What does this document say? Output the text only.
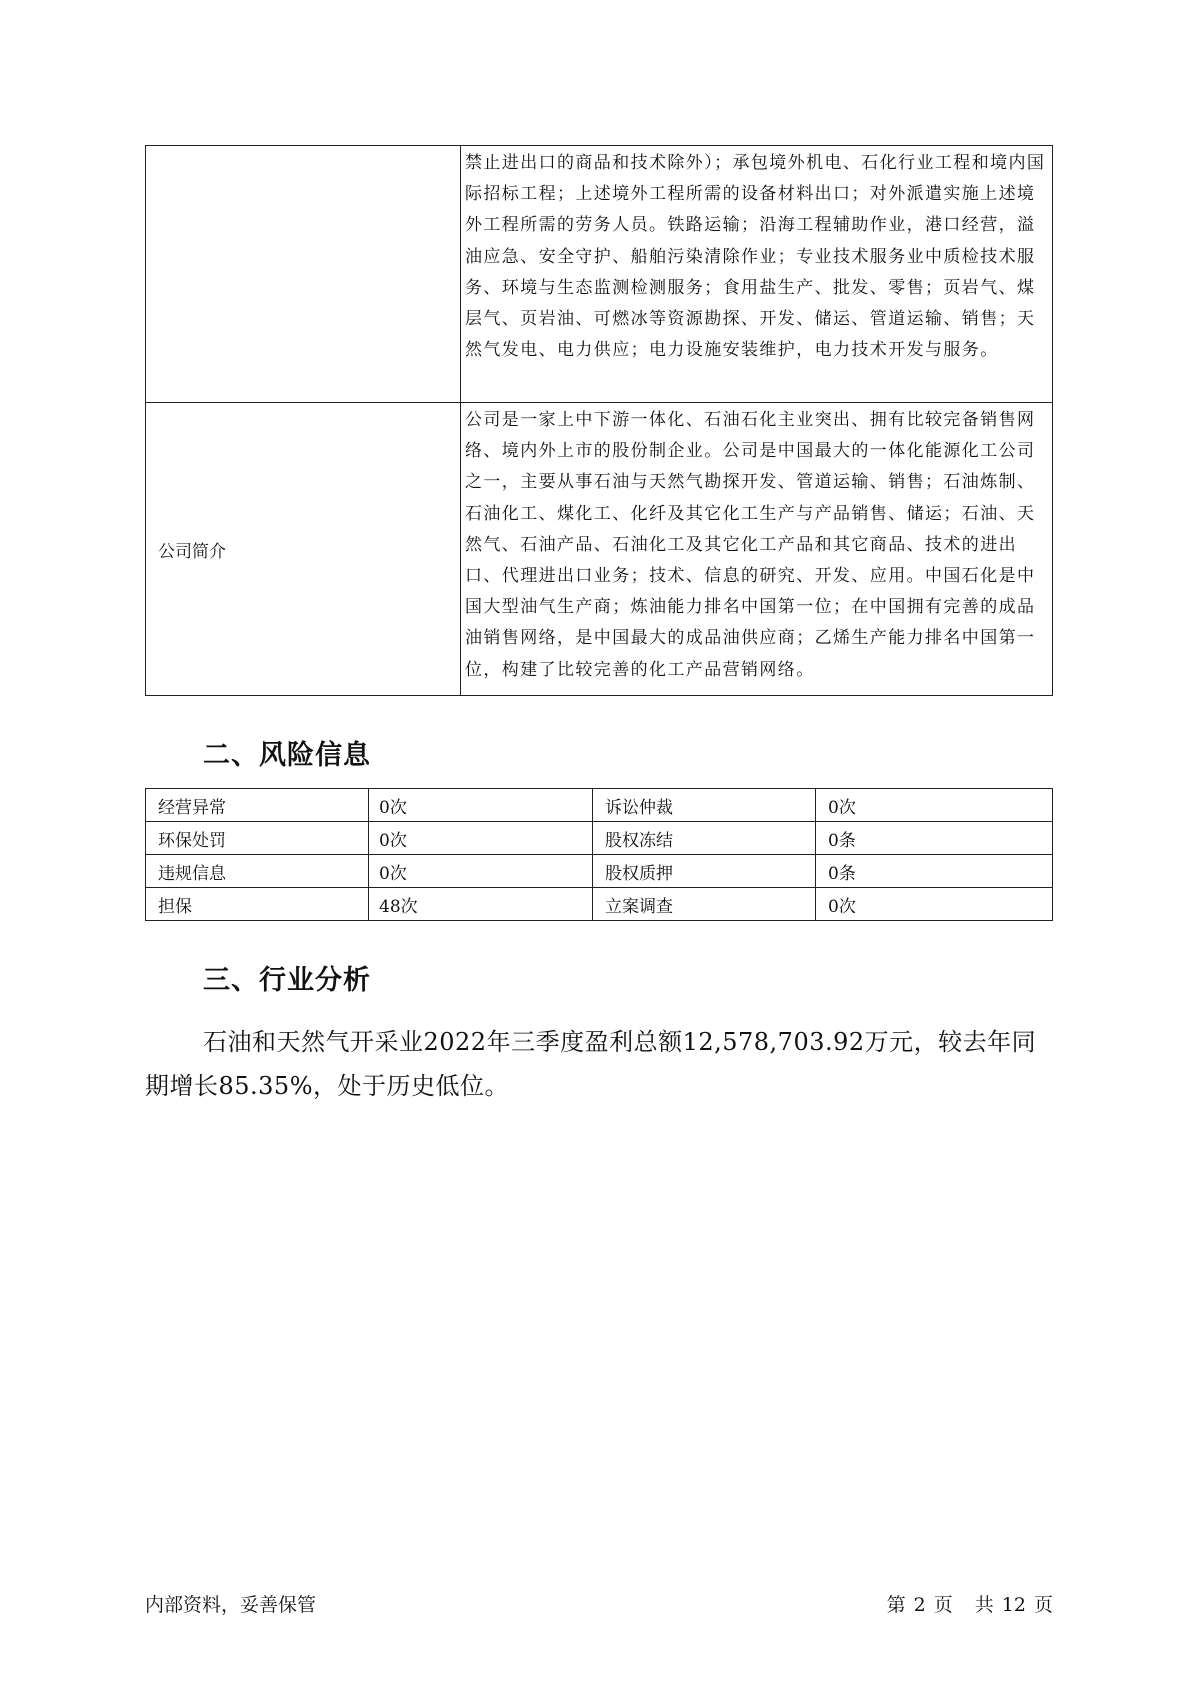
	禁止进出口的商品和技术除外）；承包境外机电、石化行业工程和境内国际招标工程；上述境外工程所需的设备材料出口；对外派遣实施上述境外工程所需的劳务人员。铁路运输；沿海工程辅助作业，港口经营，溢油应急、安全守护、船舶污染清除作业；专业技术服务业中质检技术服务、环境与生态监测检测服务；食用盐生产、批发、零售；页岩气、煤层气、页岩油、可燃冰等资源勘探、开发、储运、管道运输、销售；天然气发电、电力供应；电力设施安装维护，电力技术开发与服务。
公司简介	公司是一家上中下游一体化、石油石化主业突出、拥有比较完备销售网络、境内外上市的股份制企业。公司是中国最大的一体化能源化工公司之一，主要从事石油与天然气勘探开发、管道运输、销售；石油炼制、石油化工、煤化工、化纤及其它化工生产与产品销售、储运；石油、天然气、石油产品、石油化工及其它化工产品和其它商品、技术的进出口、代理进出口业务；技术、信息的研究、开发、应用。中国石化是中国大型油气生产商；炼油能力排名中国第一位；在中国拥有完善的成品油销售网络，是中国最大的成品油供应商；乙烯生产能力排名中国第一位，构建了比较完善的化工产品营销网络。
二、风险信息
经营异常	0次	诉讼仲裁	0次
环保处罚	0次	股权冻结	0条
违规信息	0次	股权质押	0条
担保	48次	立案调查	0次
三、行业分析

石油和天然气开采业2022年三季度盈利总额12,578,703.92万元，较去年同期增长85.35%，处于历史低位。

内部资料，妥善保管	第 2 页 共 12 页
